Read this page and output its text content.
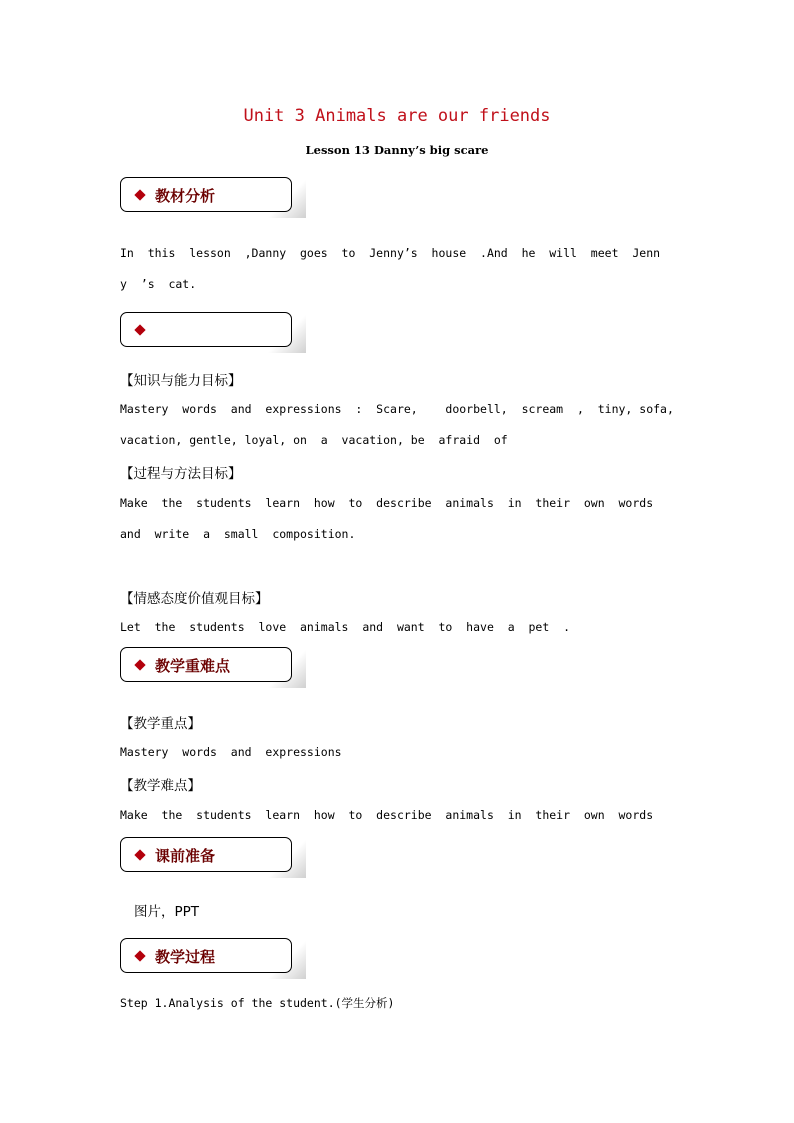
Unit 3 Animals are our friends
Lesson 13 Danny’s big scare
教材分析
In  this  lesson  ,Danny  goes  to  Jenny’s  house  .And  he  will  meet  Jenn
y  ’s  cat.
【知识与能力目标】
Mastery  words  and  expressions  :  Scare,    doorbell,  scream  ,  tiny, sofa,
vacation, gentle, loyal, on  a  vacation, be  afraid  of
【过程与方法目标】
Make  the  students  learn  how  to  describe  animals  in  their  own  words
and  write  a  small  composition.
【情感态度价值观目标】
Let  the  students  love  animals  and  want  to  have  a  pet  .
教学重难点
【教学重点】
Mastery  words  and  expressions
【教学难点】
Make  the  students  learn  how  to  describe  animals  in  their  own  words
课前准备
图片，PPT
教学过程
Step 1.Analysis of the student.(学生分析)
